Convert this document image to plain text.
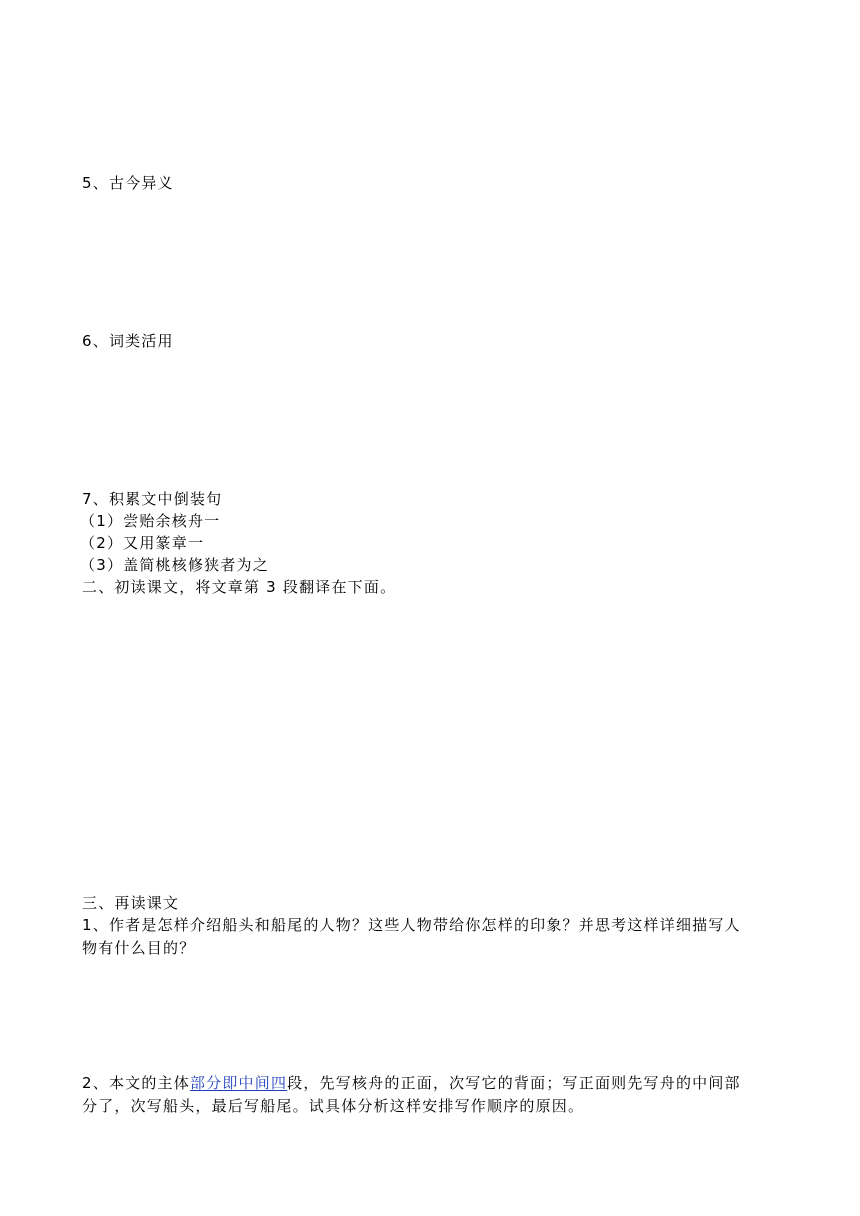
5、古今异义
6、词类活用
7、积累文中倒装句
（1）尝贻余核舟一
（2）又用篆章一
（3）盖简桃核修狭者为之
二、初读课文，将文章第 3 段翻译在下面。
三、再读课文
1、作者是怎样介绍船头和船尾的人物？这些人物带给你怎样的印象？并思考这样详细描写人
物有什么目的？
2、本文的主体部分即中间四段，先写核舟的正面，次写它的背面；写正面则先写舟的中间部
分了，次写船头，最后写船尾。试具体分析这样安排写作顺序的原因。
